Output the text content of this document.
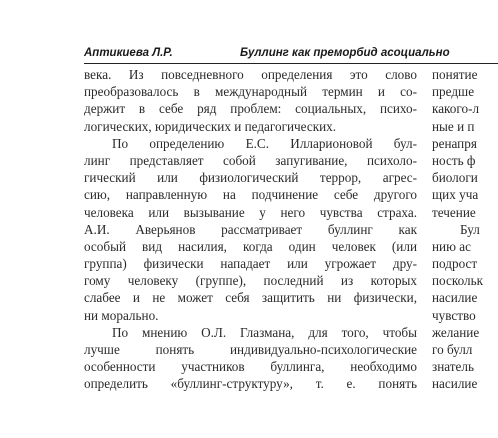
Аптикиева Л.Р.	Буллинг как преморбид асоциально
века. Из повседневного определения это слово
преобразовалось в международный термин и со-
держит в себе ряд проблем: социальных, психо-
логических, юридических и педагогических.
По определению Е.С. Илларионовой бул-
линг представляет собой запугивание, психоло-
гический или физиологический террор, агрес-
сию, направленную на подчинение себе другого
человека или вызывание у него чувства страха.
А.И. Аверьянов рассматривает буллинг как
особый вид насилия, когда один человек (или
группа) физически нападает или угрожает дру-
гому человеку (группе), последний из которых
слабее и не может себя защитить ни физически,
ни морально.
По мнению О.Л. Глазмана, для того, чтобы
лучше понять индивидуально-психологические
особенности участников буллинга, необходимо
определить «буллинг-структуру», т. е. понять
понятие
предше
какого-л
ные и п
ренапря
ность ф
биологи
щих уча
течение
Бул
нию ас
подрост
поскольк
насилие
чувство
желание
го булл
знатель
насилие
